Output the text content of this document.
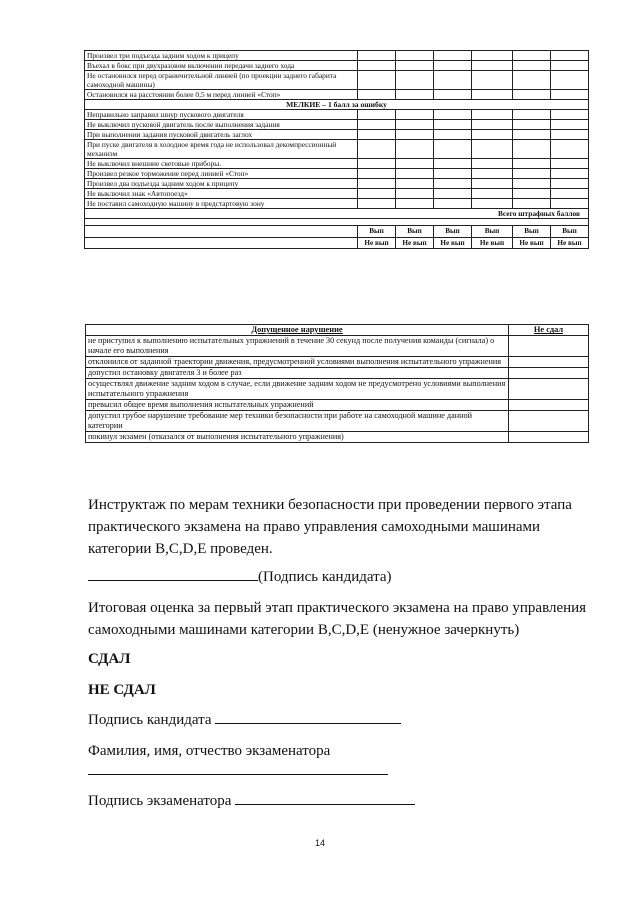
Произвел три подъезда задним ходом к прицепу						
Въехал в бокс при двухразовом включении передачи заднего хода						
Не остановился перед ограничительной линией (по проекции заднего габарита самоходной машины)						
Остановился на расстоянии более 0,5 м перед линией «Стоп»						
МЕЛКИЕ – 1 балл за ошибку						
Неправильно заправил шнур пускового двигателя						
Не выключил пусковой двигатель после выполнения задания						
При выполнении задания пусковой двигатель заглох						
При пуске двигателя в холодное время года не использовал декомпрессионный механизм						
Не выключил внешние световые приборы.						
Произвел резкое торможение перед линией «Стоп»						
Произвел два подъезда задним ходом к прицепу						
Не выключил знак «Автопоезд»						
Не поставил самоходную машину в предстартовую зону						
Всего штрафных баллов						

	Вып	Вып	Вып	Вып	Вып	Вып
	Не вып	Не вып	Не вып	Не вып	Не вып	Не вып
Допущенное нарушение	Не сдал
не приступил к выполнению испытательных упражнений в течение 30 секунд после получения команды (сигнала) о начале его выполнения	
отклонился от заданной траектории движения, предусмотренной условиями выполнения испытательного упражнения	
допустил остановку двигателя 3 и более раз	
осуществлял движение задним ходом в случае, если движение задним ходом не предусмотрено условиями выполнения испытательного упражнения	
превысил общее время выполнения испытательных упражнений	
допустил грубое нарушение требование мер техники безопасности при работе на самоходной машине данной категории	
покинул экзамен (отказался от выполнения испытательного упражнения)	
Инструктаж по мерам техники безопасности при проведении первого этапа практического экзамена на право управления самоходными машинами категории B,C,D,E проведен.
(Подпись кандидата)
Итоговая оценка за первый этап практического экзамена на право управления самоходными машинами категории B,C,D,E (ненужное зачеркнуть)
СДАЛ
НЕ СДАЛ
Подпись кандидата
Фамилия, имя, отчество экзаменатора
Подпись экзаменатора
14
